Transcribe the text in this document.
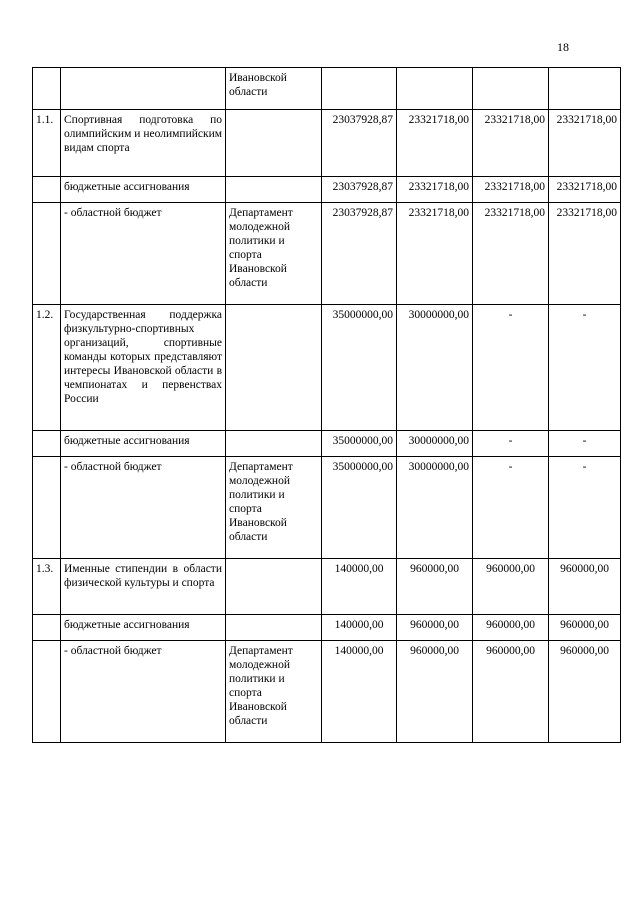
18
		Ивановской области				
1.1.	Спортивная подготовка по олимпийским и неолимпийским видам спорта		23037928,87	23321718,00	23321718,00	23321718,00
	бюджетные ассигнования		23037928,87	23321718,00	23321718,00	23321718,00
	- областной бюджет	Департамент молодежной политики и спорта Ивановской области	23037928,87	23321718,00	23321718,00	23321718,00
1.2.	Государственная поддержка физкультурно-спортивных организаций, спортивные команды которых представляют интересы Ивановской области в чемпионатах и первенствах России		35000000,00	30000000,00	-	-
	бюджетные ассигнования		35000000,00	30000000,00	-	-
	- областной бюджет	Департамент молодежной политики и спорта Ивановской области	35000000,00	30000000,00	-	-
1.3.	Именные стипендии в области физической культуры и спорта		140000,00	960000,00	960000,00	960000,00
	бюджетные ассигнования		140000,00	960000,00	960000,00	960000,00
	- областной бюджет	Департамент молодежной политики и спорта Ивановской области	140000,00	960000,00	960000,00	960000,00
